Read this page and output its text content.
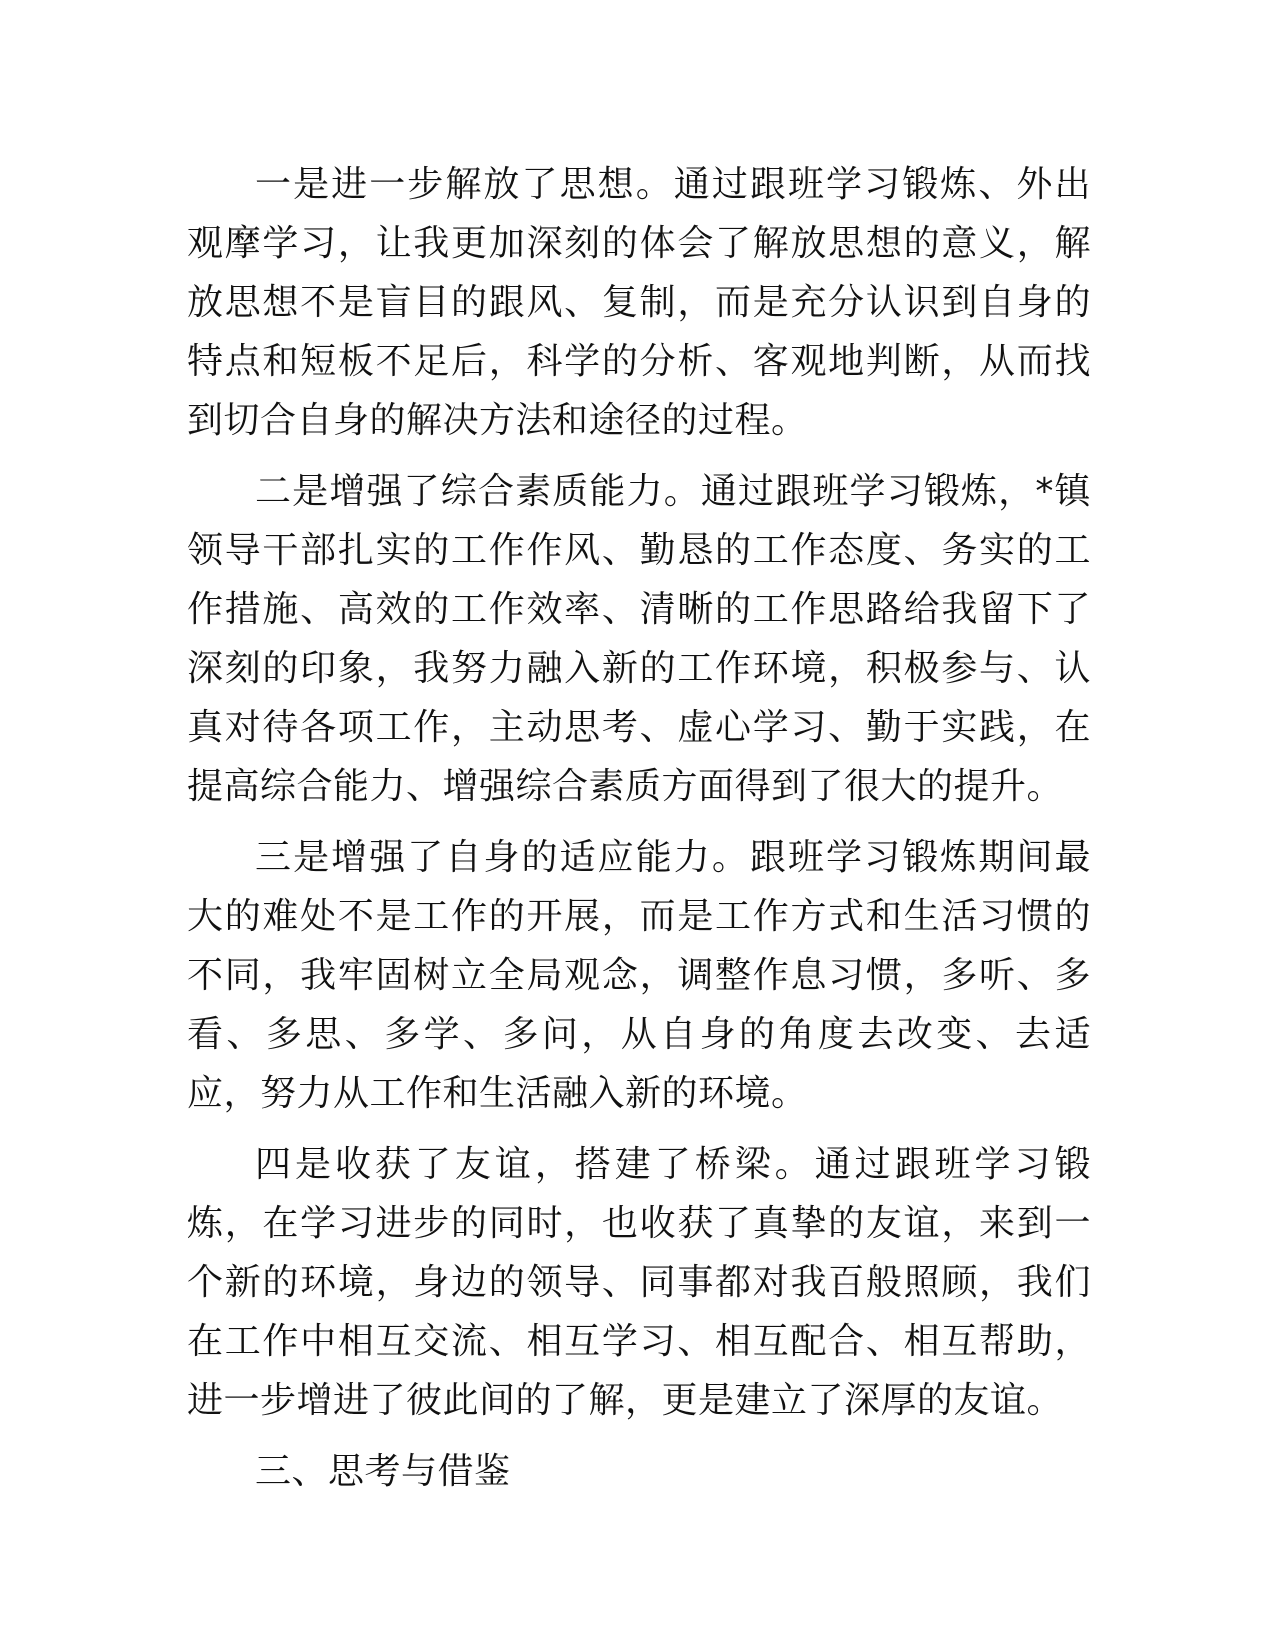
一是进一步解放了思想。通过跟班学习锻炼、外出观摩学习，让我更加深刻的体会了解放思想的意义，解放思想不是盲目的跟风、复制，而是充分认识到自身的特点和短板不足后，科学的分析、客观地判断，从而找到切合自身的解决方法和途径的过程。

二是增强了综合素质能力。通过跟班学习锻炼，*镇领导干部扎实的工作作风、勤恳的工作态度、务实的工作措施、高效的工作效率、清晰的工作思路给我留下了深刻的印象，我努力融入新的工作环境，积极参与、认真对待各项工作，主动思考、虚心学习、勤于实践，在提高综合能力、增强综合素质方面得到了很大的提升。

三是增强了自身的适应能力。跟班学习锻炼期间最大的难处不是工作的开展，而是工作方式和生活习惯的不同，我牢固树立全局观念，调整作息习惯，多听、多看、多思、多学、多问，从自身的角度去改变、去适应，努力从工作和生活融入新的环境。

四是收获了友谊，搭建了桥梁。通过跟班学习锻炼，在学习进步的同时，也收获了真挚的友谊，来到一个新的环境，身边的领导、同事都对我百般照顾，我们在工作中相互交流、相互学习、相互配合、相互帮助，进一步增进了彼此间的了解，更是建立了深厚的友谊。

三、思考与借鉴
